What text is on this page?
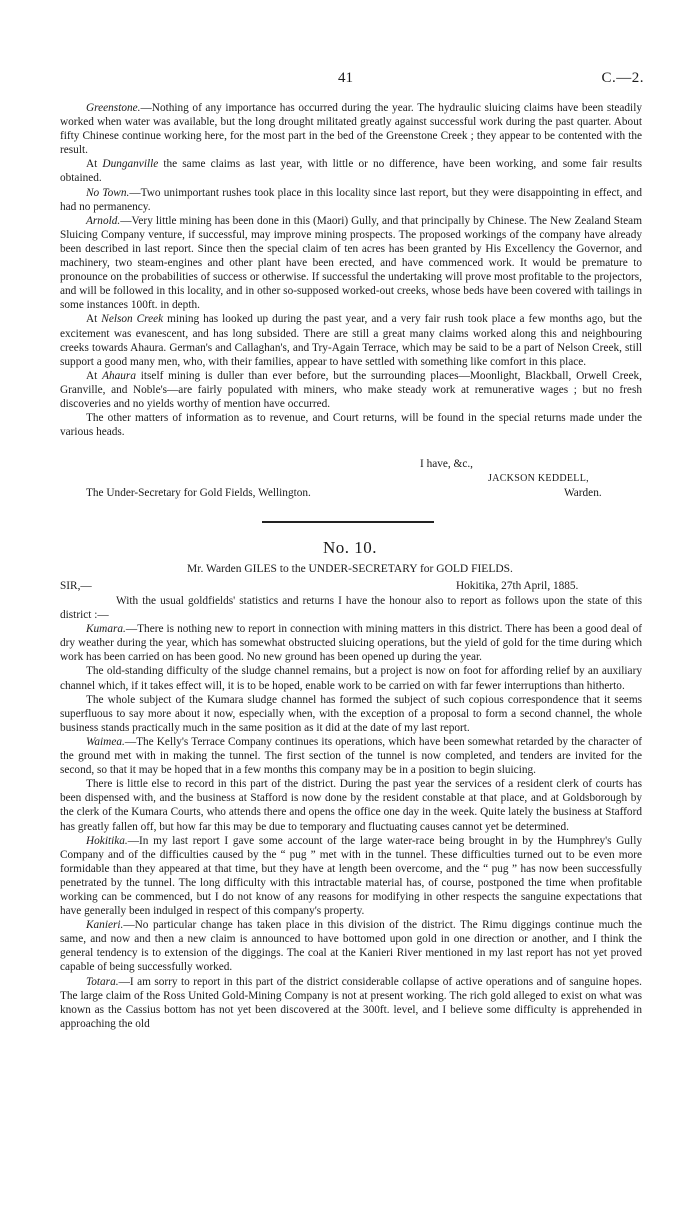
41	C.—2.

Greenstone.—Nothing of any importance has occurred during the year. The hydraulic sluicing claims have been steadily worked when water was available, but the long drought militated greatly against successful work during the past quarter. About fifty Chinese continue working here, for the most part in the bed of the Greenstone Creek ; they appear to be contented with the result.

At Dunganville the same claims as last year, with little or no difference, have been working, and some fair results obtained.

No Town.—Two unimportant rushes took place in this locality since last report, but they were disappointing in effect, and had no permanency.

Arnold.—Very little mining has been done in this (Maori) Gully, and that principally by Chinese. The New Zealand Steam Sluicing Company venture, if successful, may improve mining prospects. The proposed workings of the company have already been described in last report. Since then the special claim of ten acres has been granted by His Excellency the Governor, and machinery, two steam-engines and other plant have been erected, and have commenced work. It would be premature to pronounce on the probabilities of success or otherwise. If successful the undertaking will prove most profitable to the projectors, and will be followed in this locality, and in other so-supposed worked-out creeks, whose beds have been covered with tailings in some instances 100ft. in depth.

At Nelson Creek mining has looked up during the past year, and a very fair rush took place a few months ago, but the excitement was evanescent, and has long subsided. There are still a great many claims worked along this and neighbouring creeks towards Ahaura. German's and Callaghan's, and Try-Again Terrace, which may be said to be a part of Nelson Creek, still support a good many men, who, with their families, appear to have settled with something like comfort in this place.

At Ahaura itself mining is duller than ever before, but the surrounding places—Moonlight, Blackball, Orwell Creek, Granville, and Noble's—are fairly populated with miners, who make steady work at remunerative wages ; but no fresh discoveries and no yields worthy of mention have occurred.

The other matters of information as to revenue, and Court returns, will be found in the special returns made under the various heads.

I have, &c.,
JACKSON KEDDELL,
The Under-Secretary for Gold Fields, Wellington.	Warden.
No. 10.
Mr. Warden GILES to the UNDER-SECRETARY for GOLD FIELDS.
SIR,—	Hokitika, 27th April, 1885.

With the usual goldfields' statistics and returns I have the honour also to report as follows upon the state of this district :—

Kumara.—There is nothing new to report in connection with mining matters in this district. There has been a good deal of dry weather during the year, which has somewhat obstructed sluicing operations, but the yield of gold for the time during which work has been carried on has been good. No new ground has been opened up during the year.

The old-standing difficulty of the sludge channel remains, but a project is now on foot for affording relief by an auxiliary channel which, if it takes effect will, it is to be hoped, enable work to be carried on with far fewer interruptions than hitherto.

The whole subject of the Kumara sludge channel has formed the subject of such copious correspondence that it seems superfluous to say more about it now, especially when, with the exception of a proposal to form a second channel, the whole business stands practically much in the same position as it did at the date of my last report.

Waimea.—The Kelly's Terrace Company continues its operations, which have been somewhat retarded by the character of the ground met with in making the tunnel. The first section of the tunnel is now completed, and tenders are invited for the second, so that it may be hoped that in a few months this company may be in a position to begin sluicing.

There is little else to record in this part of the district. During the past year the services of a resident clerk of courts has been dispensed with, and the business at Stafford is now done by the resident constable at that place, and at Goldsborough by the clerk of the Kumara Courts, who attends there and opens the office one day in the week. Quite lately the business at Stafford has greatly fallen off, but how far this may be due to temporary and fluctuating causes cannot yet be determined.

Hokitika.—In my last report I gave some account of the large water-race being brought in by the Humphrey's Gully Company and of the difficulties caused by the “ pug ” met with in the tunnel. These difficulties turned out to be even more formidable than they appeared at that time, but they have at length been overcome, and the “ pug ” has now been successfully penetrated by the tunnel. The long difficulty with this intractable material has, of course, postponed the time when profitable working can be commenced, but I do not know of any reasons for modifying in other respects the sanguine expectations that have generally been indulged in respect of this company's property.

Kanieri.—No particular change has taken place in this division of the district. The Rimu diggings continue much the same, and now and then a new claim is announced to have bottomed upon gold in one direction or another, and I think the general tendency is to extension of the diggings. The coal at the Kanieri River mentioned in my last report has not yet proved capable of being successfully worked.

Totara.—I am sorry to report in this part of the district considerable collapse of active operations and of sanguine hopes. The large claim of the Ross United Gold-Mining Company is not at present working. The rich gold alleged to exist on what was known as the Cassius bottom has not yet been discovered at the 300ft. level, and I believe some difficulty is apprehended in approaching the old
